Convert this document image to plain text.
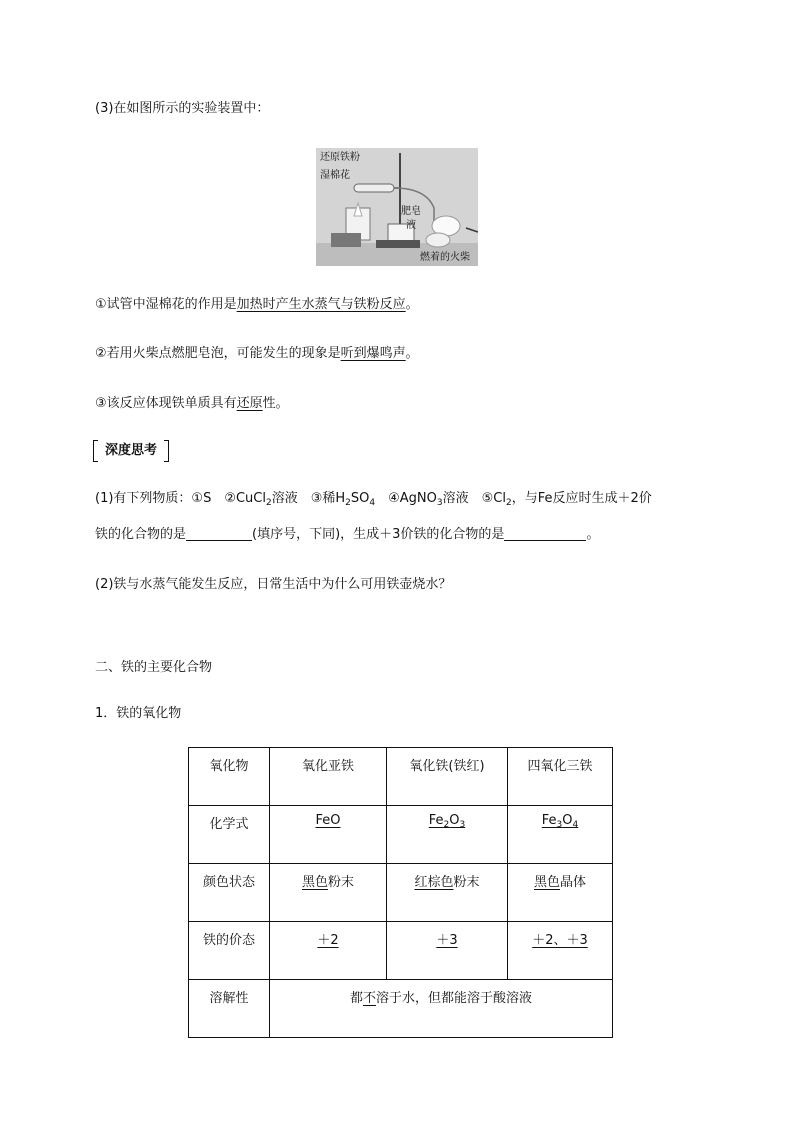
(3)在如图所示的实验装置中：
还原铁粉
湿棉花
肥皂
液
燃着的火柴
①试管中湿棉花的作用是加热时产生水蒸气与铁粉反应。
②若用火柴点燃肥皂泡，可能发生的现象是听到爆鸣声。
③该反应体现铁单质具有还原性。
深度思考
(1)有下列物质：①S　②CuCl$_2$溶液　③稀$H_2SO_4$　④AgNO$_3$溶液　$⑤Cl_2$，与Fe反应时生成＋2价
铁的化合物的是	(填序号，下同)，生成＋3价铁的化合物的是	。
(2)铁与水蒸气能发生反应，日常生活中为什么可用铁壶烧水？
二、铁的主要化合物
1．铁的氧化物
氧化物	氧化亚铁	氧化铁(铁红)	四氧化三铁
化学式	FeO	$Fe_2O_3$	$Fe_3O_4$
颜色状态	黑色粉末	红棕色粉末	黑色晶体
铁的价态	＋2	＋3	＋2、＋3
溶解性	都不溶于水，但都能溶于酸溶液		
